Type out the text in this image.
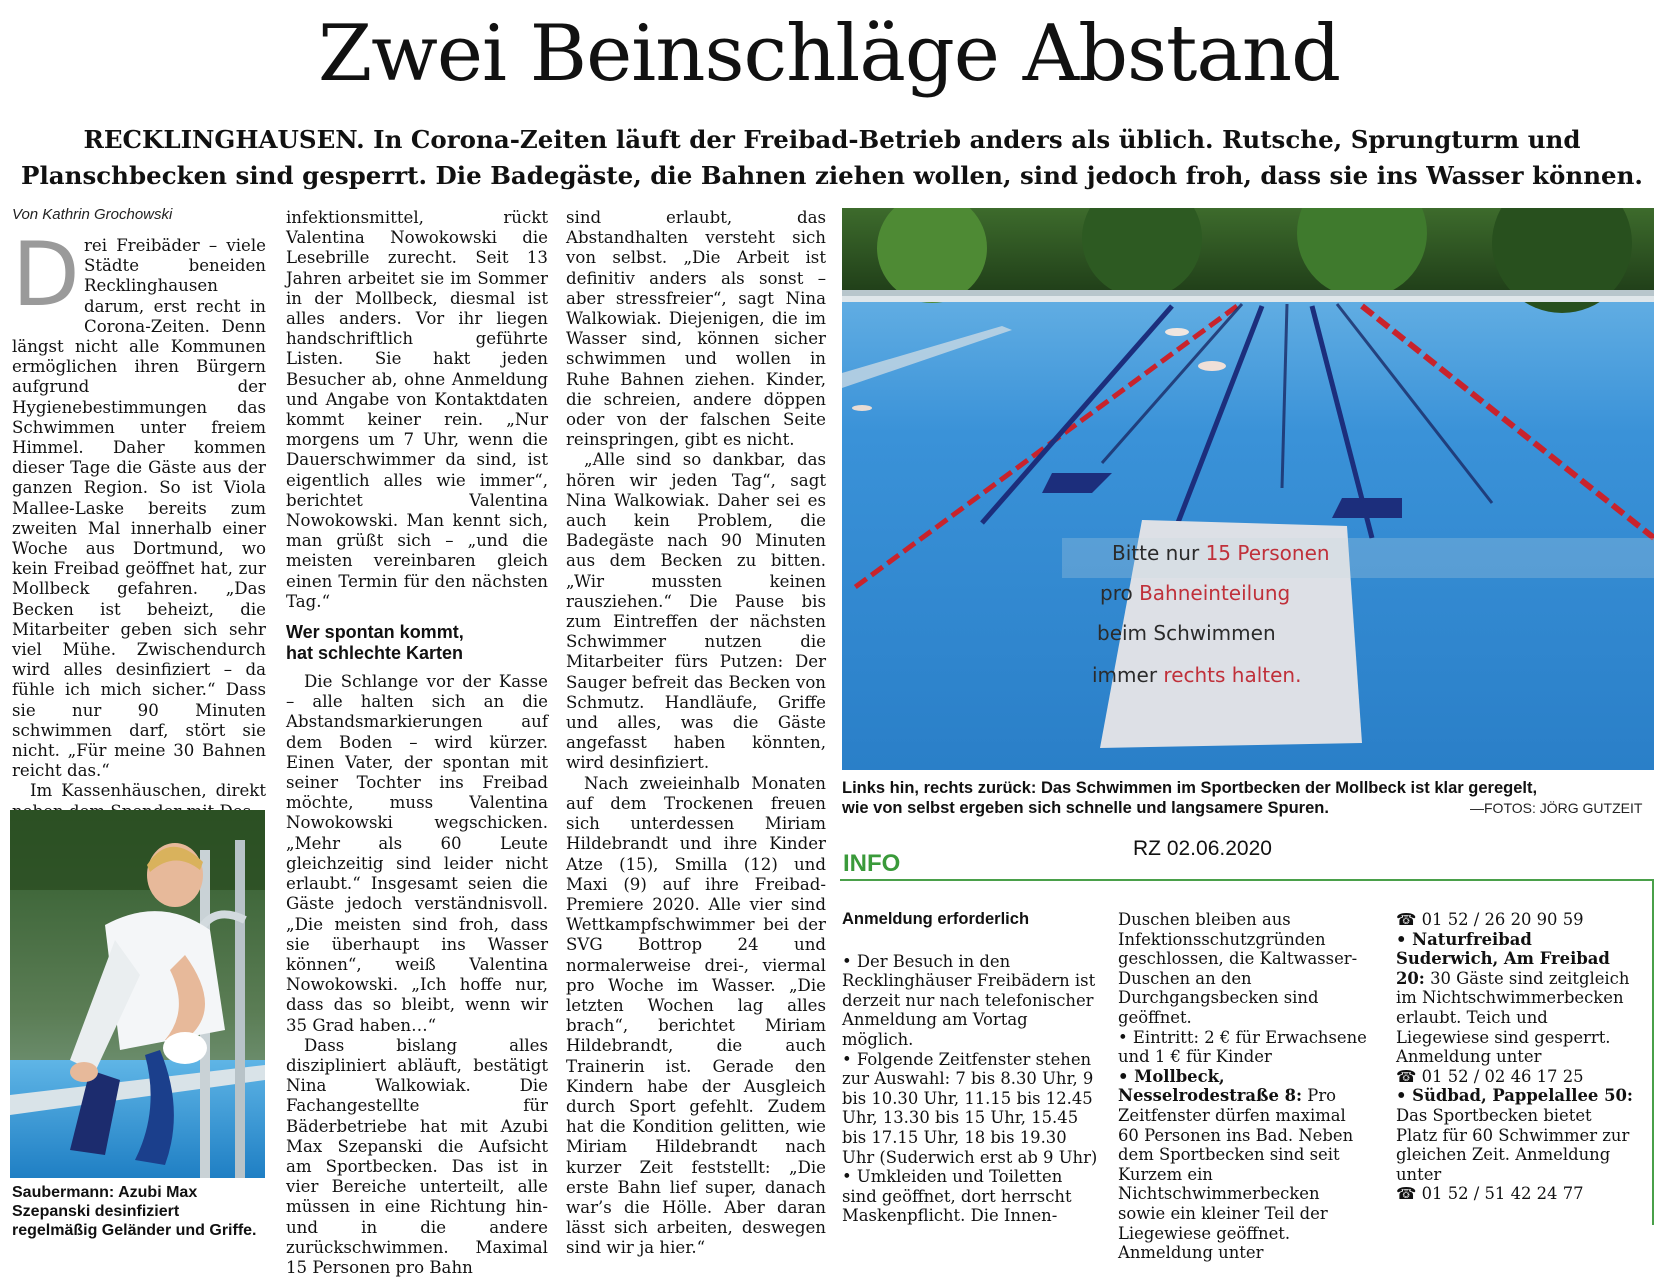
Zwei Beinschläge Abstand

RECKLINGHAUSEN. In Corona-Zeiten läuft der Freibad-Betrieb anders als üblich. Rutsche, Sprungturm und Planschbecken sind gesperrt. Die Badegäste, die Bahnen ziehen wollen, sind jedoch froh, dass sie ins Wasser können.

Von Kathrin Grochowski

Drei Freibäder – viele Städte beneiden Recklinghausen darum, erst recht in Corona-Zeiten. Denn längst nicht alle Kommunen ermöglichen ihren Bürgern aufgrund der Hygienebestimmungen das Schwimmen unter freiem Himmel. Daher kommen dieser Tage die Gäste aus der ganzen Region. So ist Viola Mallee-Laske bereits zum zweiten Mal innerhalb einer Woche aus Dortmund, wo kein Freibad geöffnet hat, zur Mollbeck gefahren. „Das Becken ist beheizt, die Mitarbeiter geben sich sehr viel Mühe. Zwischendurch wird alles desinfiziert – da fühle ich mich sicher.“ Dass sie nur 90 Minuten schwimmen darf, stört sie nicht. „Für meine 30 Bahnen reicht das.“

Im Kassenhäuschen, direkt

Saubermann: Azubi Max Szepanski desinfiziert regelmäßig Geländer und Griffe.

infektionsmittel, rückt Valentina Nowokowski die Lesebrille zurecht. Seit 13 Jahren arbeitet sie im Sommer in der Mollbeck, diesmal ist alles anders. Vor ihr liegen handschriftlich geführte Listen. Sie hakt jeden Besucher ab, ohne Anmeldung und Angabe von Kontaktdaten kommt keiner rein. „Nur morgens um 7 Uhr, wenn die Dauerschwimmer da sind, ist eigentlich alles wie immer“, berichtet Valentina Nowokowski. Man kennt sich, man grüßt sich – „und die meisten vereinbaren gleich einen Termin für den nächsten Tag.“

Wer spontan kommt,
hat schlechte Karten

Die Schlange vor der Kasse – alle halten sich an die Abstandsmarkierungen auf dem Boden – wird kürzer. Einen Vater, der spontan mit seiner Tochter ins Freibad möchte, muss Valentina Nowokowski wegschicken. „Mehr als 60 Leute gleichzeitig sind leider nicht erlaubt.“ Insgesamt seien die Gäste jedoch verständnisvoll. „Die meisten sind froh, dass sie überhaupt ins Wasser können“, weiß Valentina Nowokowski. „Ich hoffe nur, dass das so bleibt, wenn wir 35 Grad haben…“

Dass bislang alles diszipliniert abläuft, bestätigt Nina Walkowiak. Die Fachangestellte für Bäderbetriebe hat mit Azubi Max Szepanski die Aufsicht am Sportbecken. Das ist in vier Bereiche unterteilt, alle müssen in eine Richtung hin- und in die andere zurückschwimmen. Maximal 15 Personen pro Bahn

sind erlaubt, das Abstandhalten versteht sich von selbst. „Die Arbeit ist definitiv anders als sonst – aber stressfreier“, sagt Nina Walkowiak. Diejenigen, die im Wasser sind, können sicher schwimmen und wollen in Ruhe Bahnen ziehen. Kinder, die schreien, andere döppen oder von der falschen Seite reinspringen, gibt es nicht.

„Alle sind so dankbar, das hören wir jeden Tag“, sagt Nina Walkowiak. Daher sei es auch kein Problem, die Badegäste nach 90 Minuten aus dem Becken zu bitten. „Wir mussten keinen rausziehen.“ Die Pause bis zum Eintreffen der nächsten Schwimmer nutzen die Mitarbeiter fürs Putzen: Der Sauger befreit das Becken von Schmutz. Handläufe, Griffe und alles, was die Gäste angefasst haben könnten, wird desinfiziert.

Nach zweieinhalb Monaten auf dem Trockenen freuen sich unterdessen Miriam Hildebrandt und ihre Kinder Atze (15), Smilla (12) und Maxi (9) auf ihre Freibad-Premiere 2020. Alle vier sind Wettkampfschwimmer bei der SVG Bottrop 24 und normalerweise drei-, viermal pro Woche im Wasser. „Die letzten Wochen lag alles brach“, berichtet Miriam Hildebrandt, die auch Trainerin ist. Gerade den Kindern habe der Ausgleich durch Sport gefehlt. Zudem hat die Kondition gelitten, wie Miriam Hildebrandt nach kurzer Zeit feststellt: „Die erste Bahn lief super, danach war’s die Hölle. Aber daran lässt sich arbeiten, deswegen sind wir ja hier.“

Bitte nur 15 Personen
pro Bahneinteilung
beim Schwimmen
immer rechts halten.
Links hin, rechts zurück: Das Schwimmen im Sportbecken der Mollbeck ist klar geregelt,
wie von selbst ergeben sich schnelle und langsamere Spuren.	—FOTOS: JÖRG GUTZEIT
RZ 02.06.2020
INFO

Anmeldung erforderlich

• Der Besuch in den Recklinghäuser Freibädern ist derzeit nur nach telefonischer Anmeldung am Vortag möglich.

• Folgende Zeitfenster stehen zur Auswahl: 7 bis 8.30 Uhr, 9 bis 10.30 Uhr, 11.15 bis 12.45 Uhr, 13.30 bis 15 Uhr, 15.45 bis 17.15 Uhr, 18 bis 19.30 Uhr (Suderwich erst ab 9 Uhr)

• Umkleiden und Toiletten sind geöffnet, dort herrscht Maskenpflicht. Die Innen-

Duschen bleiben aus Infektionsschutzgründen geschlossen, die Kaltwasser-Duschen an den Durchgangsbecken sind geöffnet.

• Eintritt: 2 € für Erwachsene und 1 € für Kinder

• Mollbeck, Nesselrodestraße 8: Pro Zeitfenster dürfen maximal 60 Personen ins Bad. Neben dem Sportbecken sind seit Kurzem ein Nichtschwimmerbecken sowie ein kleiner Teil der Liegewiese geöffnet. Anmeldung unter

☎ 01 52 / 26 20 90 59

• Naturfreibad Suderwich, Am Freibad 20: 30 Gäste sind zeitgleich im Nichtschwimmerbecken erlaubt. Teich und Liegewiese sind gesperrt. Anmeldung unter

☎ 01 52 / 02 46 17 25

• Südbad, Pappelallee 50: Das Sportbecken bietet Platz für 60 Schwimmer zur gleichen Zeit. Anmeldung unter

☎ 01 52 / 51 42 24 77
